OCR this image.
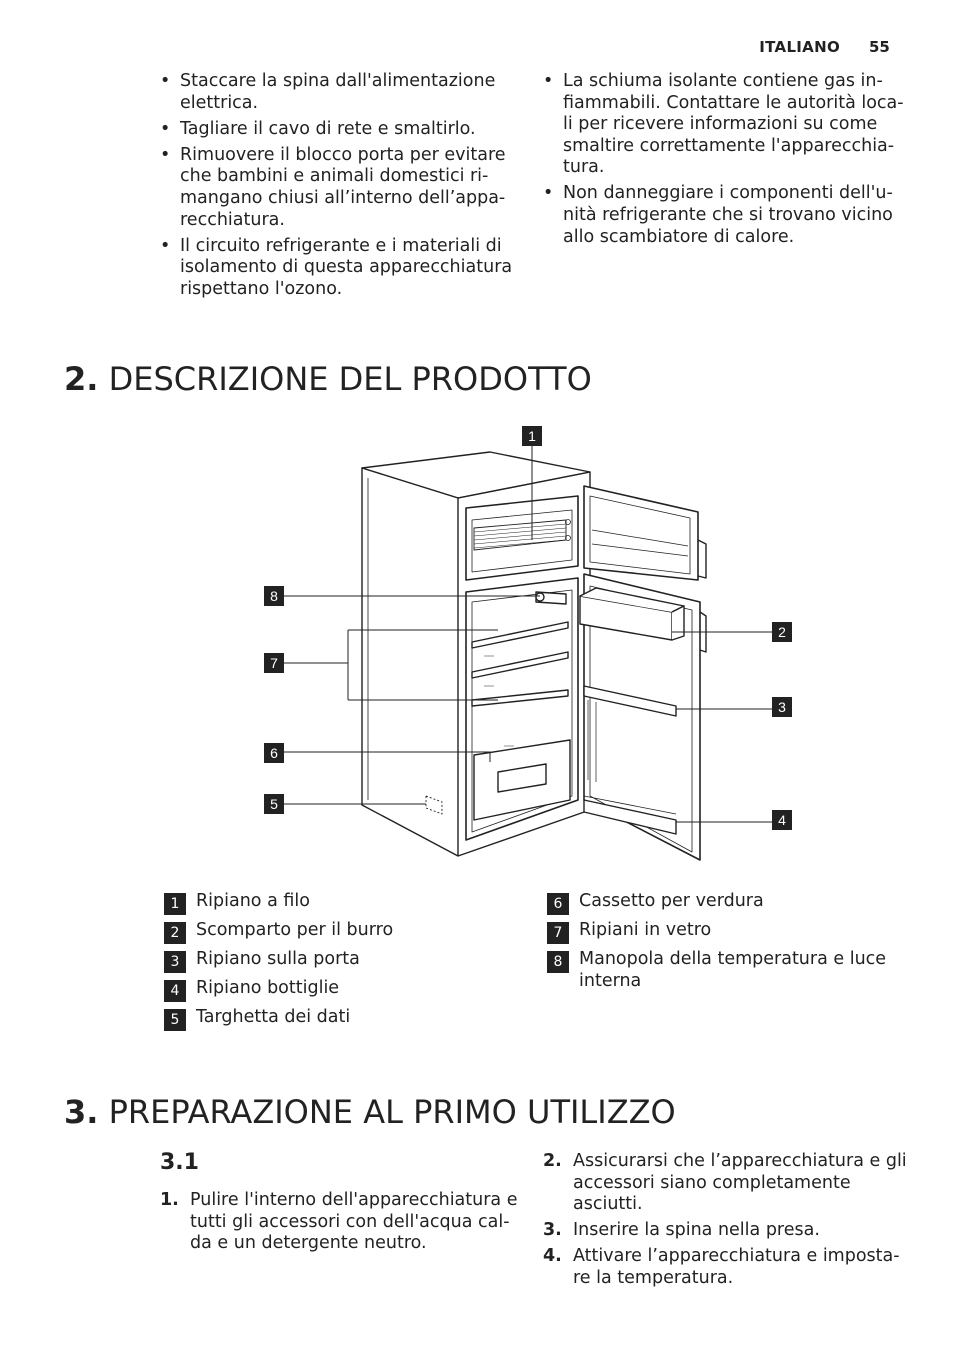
ITALIANO 55
• Staccare la spina dall'alimentazione
elettrica.
• Tagliare il cavo di rete e smaltirlo.
• Rimuovere il blocco porta per evitare
che bambini e animali domestici ri-
mangano chiusi all’interno dell’appa-
recchiatura.
• Il circuito refrigerante e i materiali di
isolamento di questa apparecchiatura
rispettano l'ozono.
• La schiuma isolante contiene gas in-
fiammabili. Contattare le autorità loca-
li per ricevere informazioni su come
smaltire correttamente l'apparecchia-
tura.
• Non danneggiare i componenti dell'u-
nità refrigerante che si trovano vicino
allo scambiatore di calore.
2. DESCRIZIONE DEL PRODOTTO
1
2
3
4
5
6
7
8
1 Ripiano a filo
2 Scomparto per il burro
3 Ripiano sulla porta
4 Ripiano bottiglie
5 Targhetta dei dati
6 Cassetto per verdura
7 Ripiani in vetro
8 Manopola della temperatura e luce
interna
3. PREPARAZIONE AL PRIMO UTILIZZO
3.1
1. Pulire l'interno dell'apparecchiatura e
tutti gli accessori con dell'acqua cal-
da e un detergente neutro.
2. Assicurarsi che l’apparecchiatura e gli
accessori siano completamente
asciutti.
3. Inserire la spina nella presa.
4. Attivare l’apparecchiatura e imposta-
re la temperatura.
